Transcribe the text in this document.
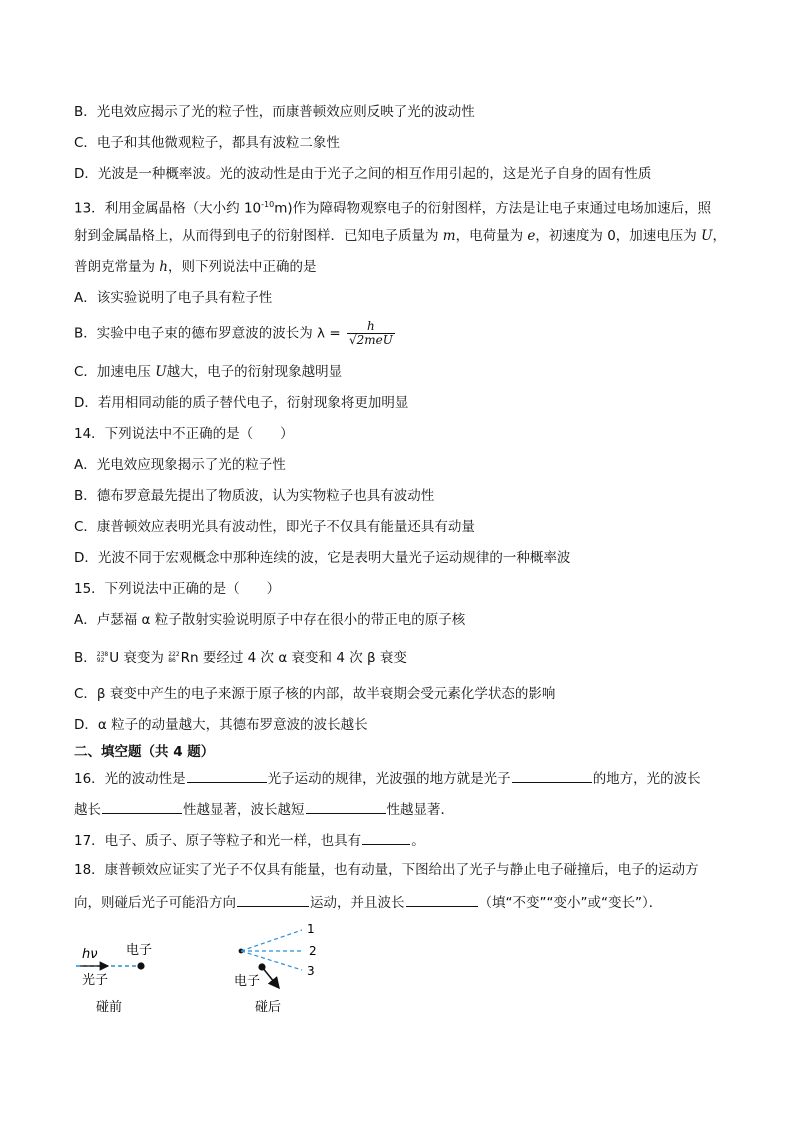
B．光电效应揭示了光的粒子性，而康普顿效应则反映了光的波动性
C．电子和其他微观粒子，都具有波粒二象性
D．光波是一种概率波。光的波动性是由于光子之间的相互作用引起的，这是光子自身的固有性质
13．利用金属晶格（大小约 $10^{-10}m$)作为障碍物观察电子的衍射图样，方法是让电子束通过电场加速后，照
射到金属晶格上，从而得到电子的衍射图样．已知电子质量为 m，电荷量为 e，初速度为 0，加速电压为 U，
普朗克常量为 h，则下列说法中正确的是
A．该实验说明了电子具有粒子性
B．实验中电子束的德布罗意波的波长为 $\lambda = \frac{h}{\text{√2meU}}$
C．加速电压 U越大，电子的衍射现象越明显
D．若用相同动能的质子替代电子，衍射现象将更加明显
14．下列说法中不正确的是（　　）
A．光电效应现象揭示了光的粒子性
B．德布罗意最先提出了物质波，认为实物粒子也具有波动性
C．康普顿效应表明光具有波动性，即光子不仅具有能量还具有动量
D．光波不同于宏观概念中那种连续的波，它是表明大量光子运动规律的一种概率波
15．下列说法中正确的是（　　）
A．卢瑟福 α 粒子散射实验说明原子中存在很小的带正电的原子核
B． 238
92 U 衰变为 222
86 Rn 要经过 4 次 α 衰变和 4 次 β 衰变
C．β 衰变中产生的电子来源于原子核的内部，故半衰期会受元素化学状态的影响
D．α 粒子的动量越大，其德布罗意波的波长越长
二、填空题（共 4 题）
16．光的波动性是	光子运动的规律，光波强的地方就是光子	的地方，光的波长
越长	性越显著，波长越短	性越显著．
17．电子、质子、原子等粒子和光一样，也具有	。
18．康普顿效应证实了光子不仅具有能量，也有动量，下图给出了光子与静止电子碰撞后，电子的运动方
向，则碰后光子可能沿方向	运动，并且波长	（填“不变”“变小”或“变长”）．
hν 电子
光子
碰前
1
2
3
电子
碰后
